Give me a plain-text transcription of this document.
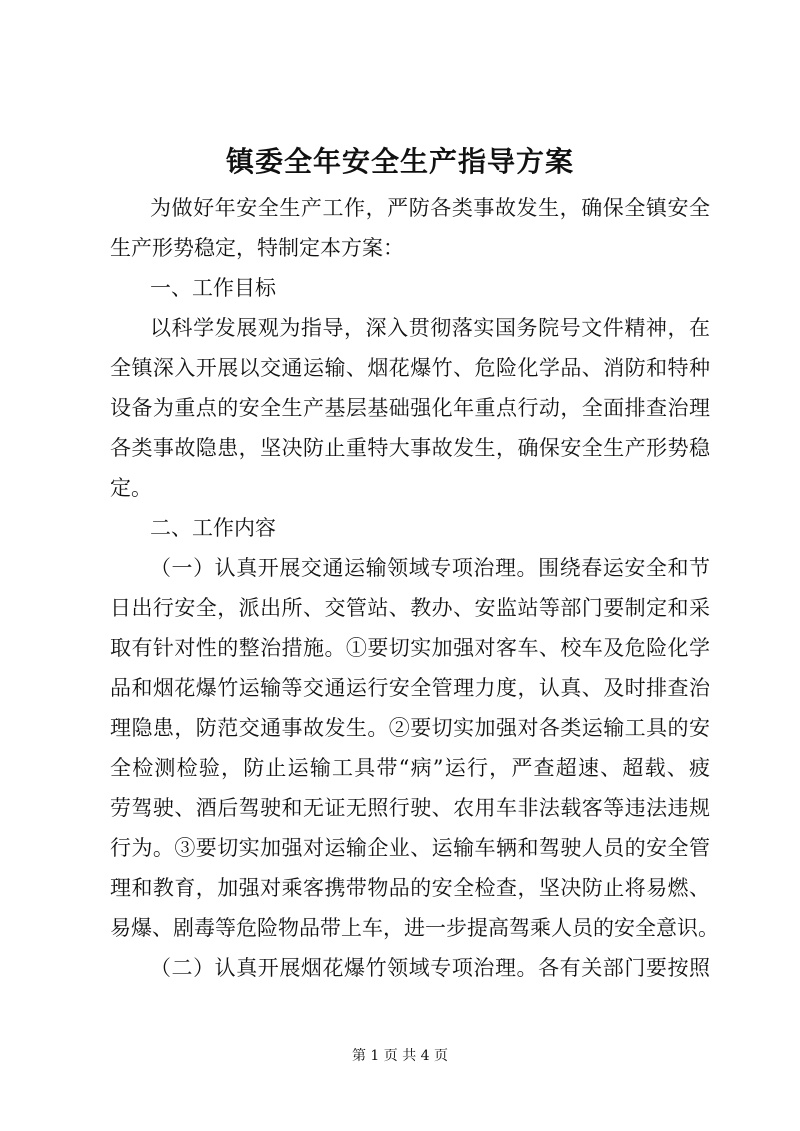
镇委全年安全生产指导方案
为做好年安全生产工作，严防各类事故发生，确保全镇安全
生产形势稳定，特制定本方案：
一、工作目标
以科学发展观为指导，深入贯彻落实国务院号文件精神，在
全镇深入开展以交通运输、烟花爆竹、危险化学品、消防和特种
设备为重点的安全生产基层基础强化年重点行动，全面排查治理
各类事故隐患，坚决防止重特大事故发生，确保安全生产形势稳
定。
二、工作内容
（一）认真开展交通运输领域专项治理。围绕春运安全和节
日出行安全，派出所、交管站、教办、安监站等部门要制定和采
取有针对性的整治措施。①要切实加强对客车、校车及危险化学
品和烟花爆竹运输等交通运行安全管理力度，认真、及时排查治
理隐患，防范交通事故发生。②要切实加强对各类运输工具的安
全检测检验，防止运输工具带“病”运行，严查超速、超载、疲
劳驾驶、酒后驾驶和无证无照行驶、农用车非法载客等违法违规
行为。③要切实加强对运输企业、运输车辆和驾驶人员的安全管
理和教育，加强对乘客携带物品的安全检查，坚决防止将易燃、
易爆、剧毒等危险物品带上车，进一步提高驾乘人员的安全意识。
（二）认真开展烟花爆竹领域专项治理。各有关部门要按照
第 1 页 共 4 页
